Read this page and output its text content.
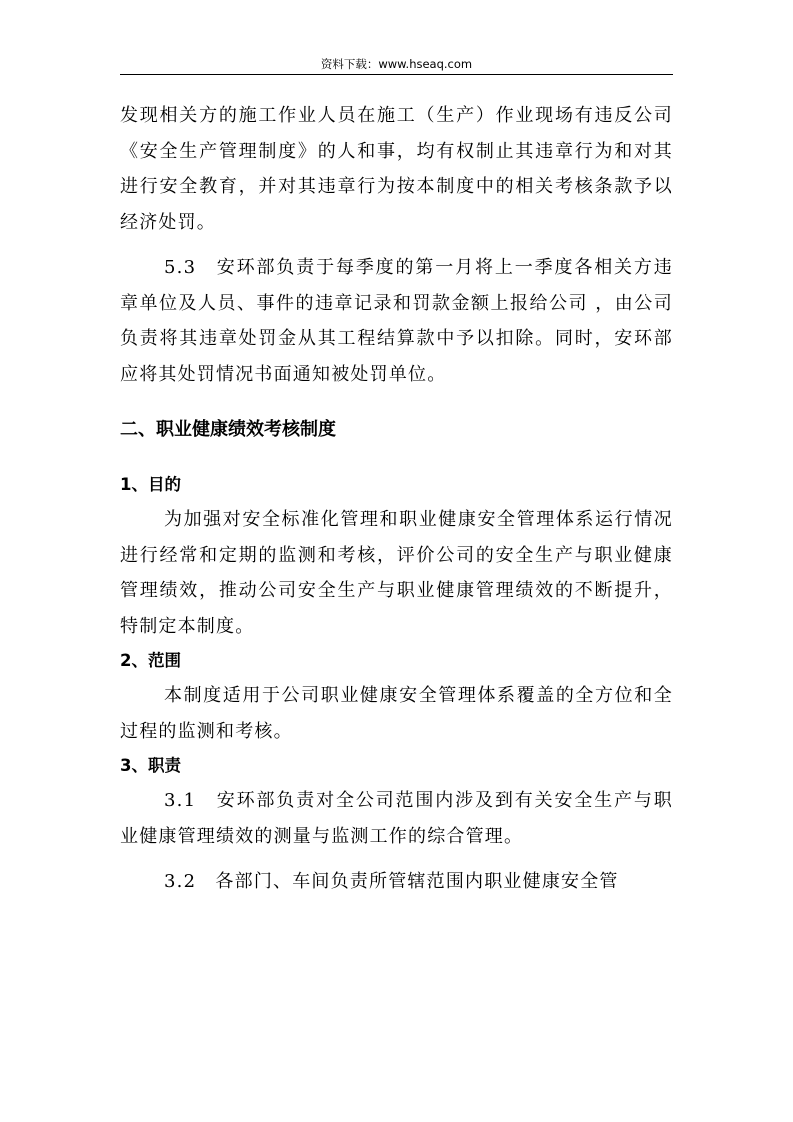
资料下载：www.hseaq.com

发现相关方的施工作业人员在施工（生产）作业现场有违反公司《安全生产管理制度》的人和事，均有权制止其违章行为和对其进行安全教育，并对其违章行为按本制度中的相关考核条款予以经济处罚。

5.3　安环部负责于每季度的第一月将上一季度各相关方违章单位及人员、事件的违章记录和罚款金额上报给公司 ，由公司负责将其违章处罚金从其工程结算款中予以扣除。同时，安环部应将其处罚情况书面通知被处罚单位。

二、职业健康绩效考核制度

1、目的

为加强对安全标准化管理和职业健康安全管理体系运行情况进行经常和定期的监测和考核，评价公司的安全生产与职业健康管理绩效，推动公司安全生产与职业健康管理绩效的不断提升，特制定本制度。

2、范围

本制度适用于公司职业健康安全管理体系覆盖的全方位和全过程的监测和考核。

3、职责

3.1　安环部负责对全公司范围内涉及到有关安全生产与职业健康管理绩效的测量与监测工作的综合管理。

3.2　各部门、车间负责所管辖范围内职业健康安全管
